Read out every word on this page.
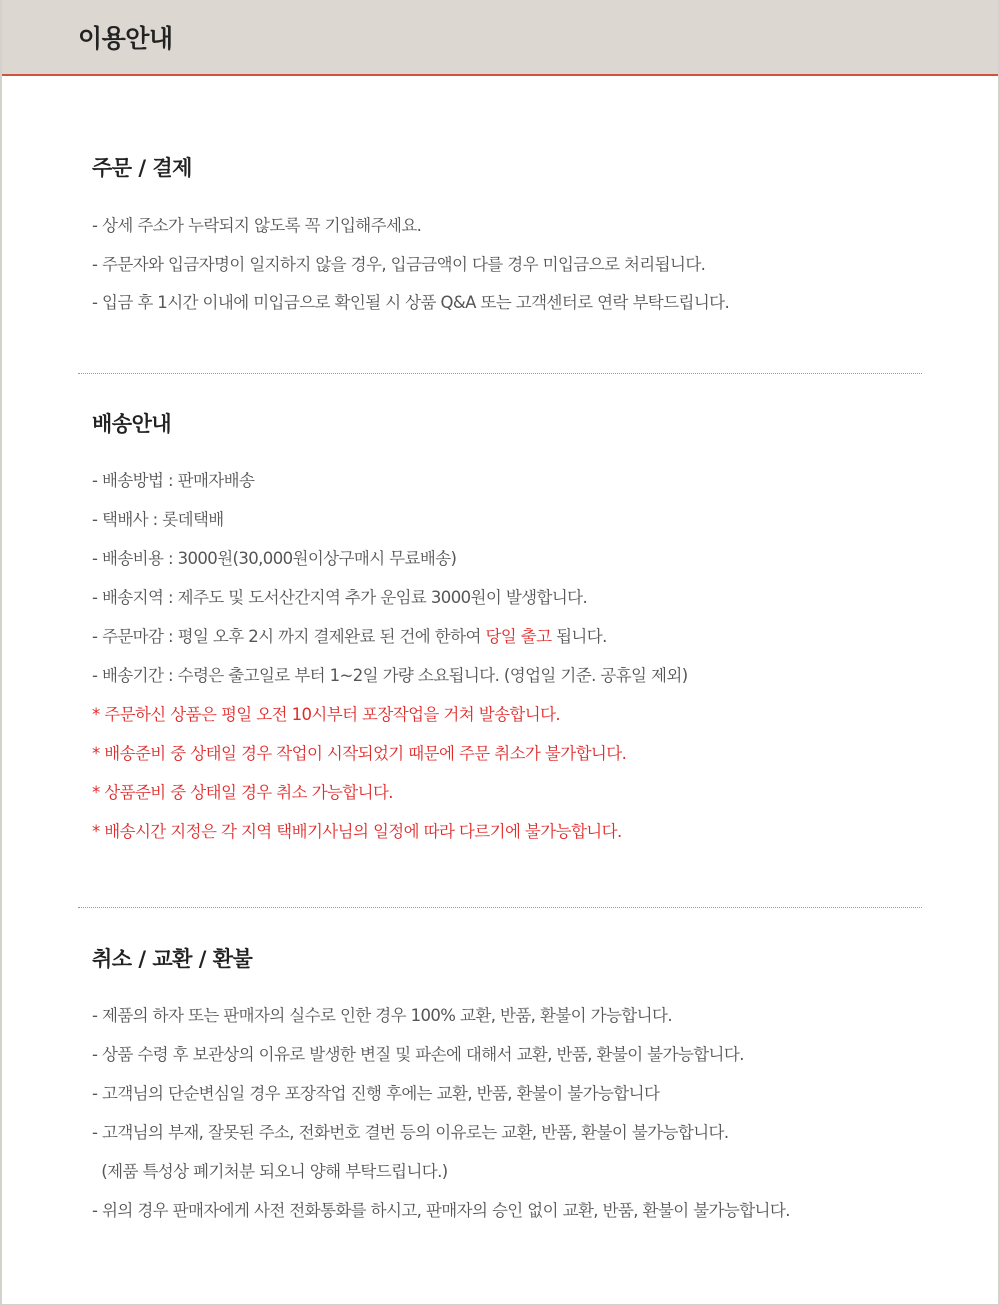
이용안내
주문 / 결제
- 상세 주소가 누락되지 않도록 꼭 기입해주세요.
- 주문자와 입금자명이 일지하지 않을 경우, 입금금액이 다를 경우 미입금으로 처리됩니다.
- 입금 후 1시간 이내에 미입금으로 확인될 시 상품 Q&A 또는 고객센터로 연락 부탁드립니다.
배송안내
- 배송방법 : 판매자배송
- 택배사 : 롯데택배
- 배송비용 : 3000원(30,000원이상구매시 무료배송)
- 배송지역 : 제주도 및 도서산간지역 추가 운임료 3000원이 발생합니다.
- 주문마감 : 평일 오후 2시 까지 결제완료 된 건에 한하여 당일 출고 됩니다.
- 배송기간 : 수령은 출고일로 부터 1~2일 가량 소요됩니다. (영업일 기준. 공휴일 제외)
* 주문하신 상품은 평일 오전 10시부터 포장작업을 거쳐 발송합니다.
* 배송준비 중 상태일 경우 작업이 시작되었기 때문에 주문 취소가 불가합니다.
* 상품준비 중 상태일 경우 취소 가능합니다.
* 배송시간 지정은 각 지역 택배기사님의 일정에 따라 다르기에 불가능합니다.
취소 / 교환 / 환불
- 제품의 하자 또는 판매자의 실수로 인한 경우 100% 교환, 반품, 환불이 가능합니다.
- 상품 수령 후 보관상의 이유로 발생한 변질 및 파손에 대해서 교환, 반품, 환불이 불가능합니다.
- 고객님의 단순변심일 경우 포장작업 진행 후에는 교환, 반품, 환불이 불가능합니다
- 고객님의 부재, 잘못된 주소, 전화번호 결번 등의 이유로는 교환, 반품, 환불이 불가능합니다.
(제품 특성상 폐기처분 되오니 양해 부탁드립니다.)
- 위의 경우 판매자에게 사전 전화통화를 하시고, 판매자의 승인 없이 교환, 반품, 환불이 불가능합니다.
